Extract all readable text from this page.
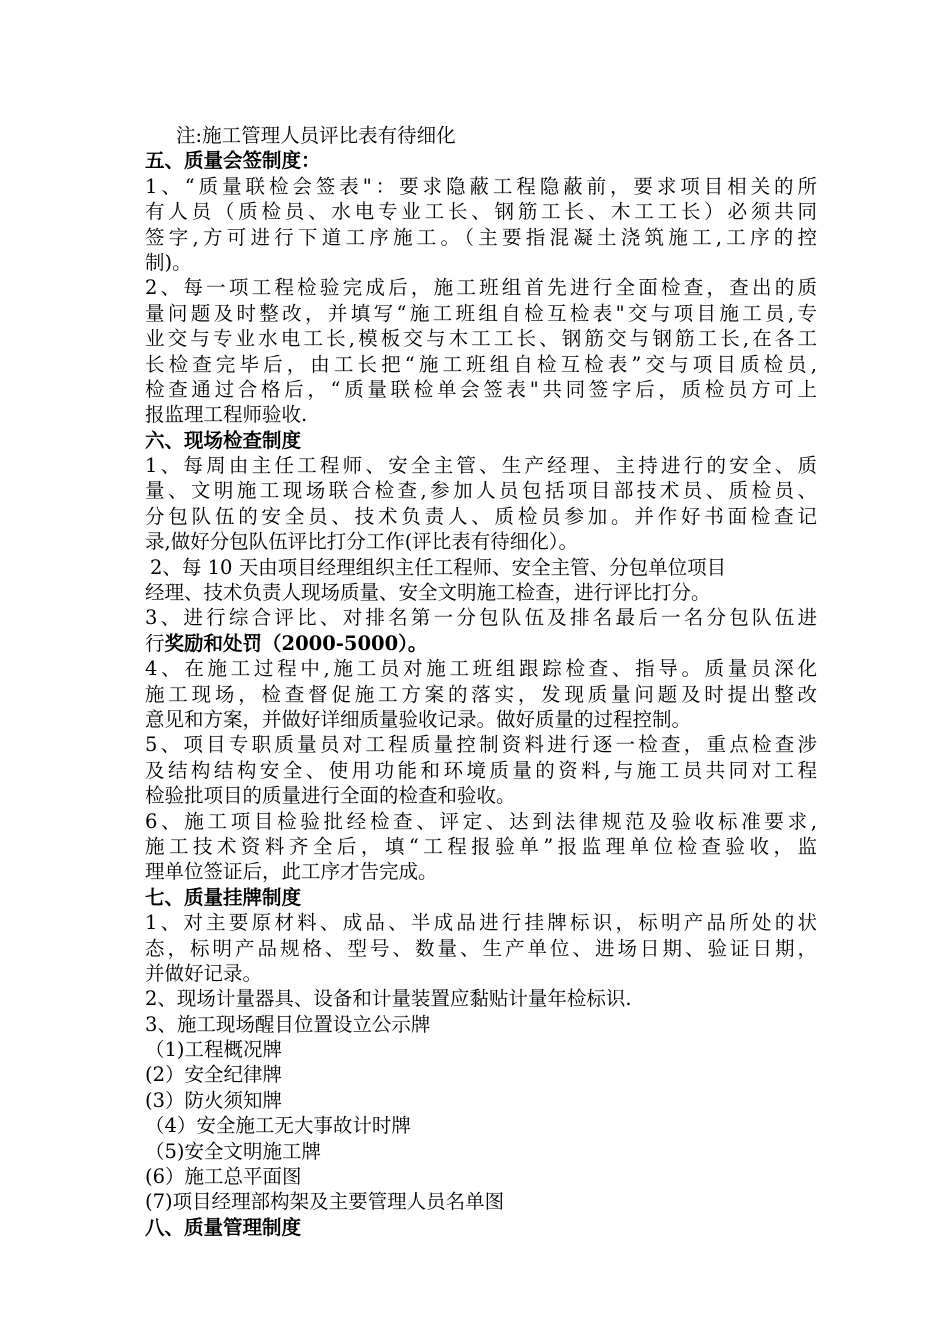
注:施工管理人员评比表有待细化
五、质量会签制度：
1、“质量联检会签表"：要求隐蔽工程隐蔽前，要求项目相关的所
有人员（质检员、水电专业工长、钢筋工长、木工工长）必须共同
签字,方可进行下道工序施工。（主要指混凝土浇筑施工,工序的控
制)。
2、每一项工程检验完成后，施工班组首先进行全面检查，查出的质
量问题及时整改，并填写“施工班组自检互检表"交与项目施工员,专
业交与专业水电工长,模板交与木工工长、钢筋交与钢筋工长,在各工
长检查完毕后，由工长把“施工班组自检互检表”交与项目质检员,
检查通过合格后，“质量联检单会签表"共同签字后，质检员方可上
报监理工程师验收.
六、现场检查制度
1、每周由主任工程师、安全主管、生产经理、主持进行的安全、质
量、文明施工现场联合检查,参加人员包括项目部技术员、质检员、
分包队伍的安全员、技术负责人、质检员参加。并作好书面检查记
录,做好分包队伍评比打分工作(评比表有待细化）。
2、每 10 天由项目经理组织主任工程师、安全主管、分包单位项目
经理、技术负责人现场质量、安全文明施工检查，进行评比打分。
3、进行综合评比、对排名第一分包队伍及排名最后一名分包队伍进
行奖励和处罚（2000-5000）。
4、在施工过程中,施工员对施工班组跟踪检查、指导。质量员深化
施工现场，检查督促施工方案的落实，发现质量问题及时提出整改
意见和方案，并做好详细质量验收记录。做好质量的过程控制。
5、项目专职质量员对工程质量控制资料进行逐一检查，重点检查涉
及结构结构安全、使用功能和环境质量的资料,与施工员共同对工程
检验批项目的质量进行全面的检查和验收。
6、施工项目检验批经检查、评定、达到法律规范及验收标准要求,
施工技术资料齐全后，填“工程报验单”报监理单位检查验收，监
理单位签证后，此工序才告完成。
七、质量挂牌制度
1、对主要原材料、成品、半成品进行挂牌标识，标明产品所处的状
态，标明产品规格、型号、数量、生产单位、进场日期、验证日期，
并做好记录。
2、现场计量器具、设备和计量装置应黏贴计量年检标识.
3、施工现场醒目位置设立公示牌
（1)工程概况牌
(2）安全纪律牌
(3）防火须知牌
（4）安全施工无大事故计时牌
（5)安全文明施工牌
(6）施工总平面图
(7)项目经理部构架及主要管理人员名单图
八、质量管理制度
